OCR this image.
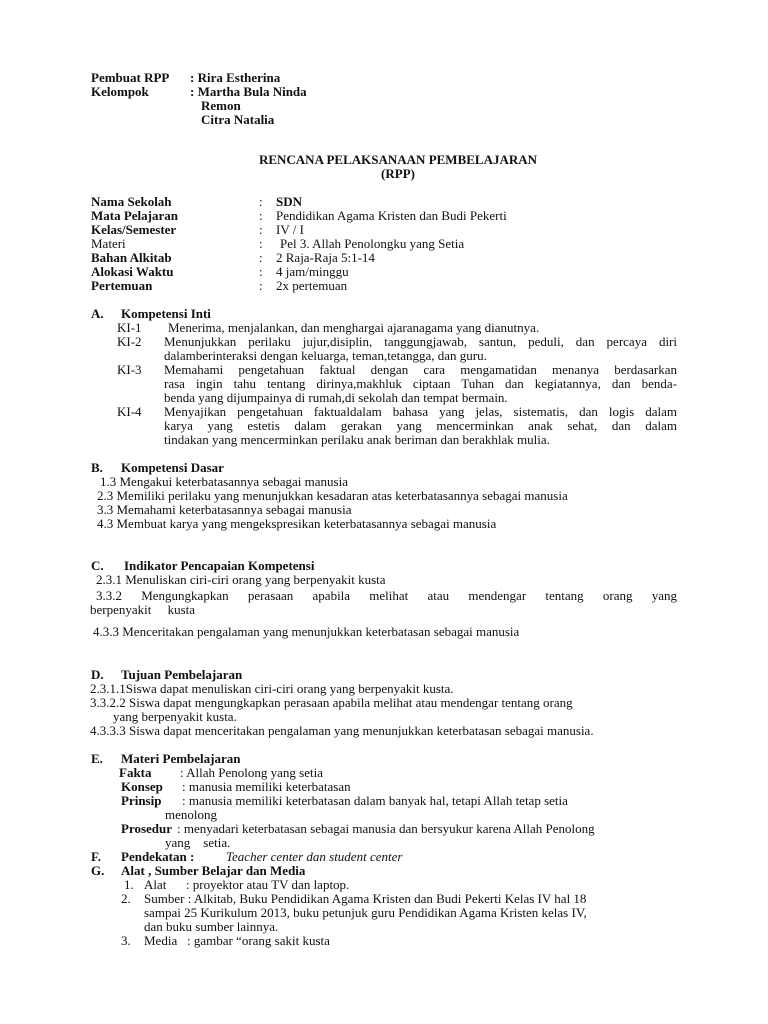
Pembuat RPP : Rira Estherina
Kelompok	: Martha Bula Ninda
Remon
Citra Natalia
RENCANA PELAKSANAAN PEMBELAJARAN
(RPP)
Nama Sekolah	: SDN
Mata Pelajaran	: Pendidikan Agama Kristen dan Budi Pekerti
Kelas/Semester	: IV / I
Materi	: Pel 3. Allah Penolongku yang Setia
Bahan Alkitab	: 2 Raja-Raja 5:1-14
Alokasi Waktu	: 4 jam/minggu
Pertemuan	: 2x pertemuan
A. Kompetensi Inti
KI-1 Menerima, menjalankan, dan menghargai ajaranagama yang dianutnya.
KI-2 Menunjukkan perilaku jujur,disiplin, tanggungjawab, santun, peduli, dan percaya diri
dalamberinteraksi dengan keluarga, teman,tetangga, dan guru.
KI-3 Memahami pengetahuan faktual dengan cara mengamatidan menanya berdasarkan
rasa ingin tahu tentang dirinya,makhluk ciptaan Tuhan dan kegiatannya, dan benda-
benda yang dijumpainya di rumah,di sekolah dan tempat bermain.
KI-4 Menyajikan pengetahuan faktualdalam bahasa yang jelas, sistematis, dan logis dalam
karya yang estetis dalam gerakan yang mencerminkan anak sehat, dan dalam
tindakan yang mencerminkan perilaku anak beriman dan berakhlak mulia.
B. Kompetensi Dasar
1.3 Mengakui keterbatasannya sebagai manusia
2.3 Memiliki perilaku yang menunjukkan kesadaran atas keterbatasannya sebagai manusia
3.3 Memahami keterbatasannya sebagai manusia
4.3 Membuat karya yang mengekspresikan keterbatasannya sebagai manusia
C. Indikator Pencapaian Kompetensi
2.3.1 Menuliskan ciri-ciri orang yang berpenyakit kusta
3.3.2 Mengungkapkan perasaan apabila melihat atau mendengar tentang orang yang
berpenyakit     kusta
4.3.3 Menceritakan pengalaman yang menunjukkan keterbatasan sebagai manusia
D. Tujuan Pembelajaran
2.3.1.1Siswa dapat menuliskan ciri-ciri orang yang berpenyakit kusta.
3.3.2.2 Siswa dapat mengungkapkan perasaan apabila melihat atau mendengar tentang orang
yang berpenyakit kusta.
4.3.3.3 Siswa dapat menceritakan pengalaman yang menunjukkan keterbatasan sebagai manusia.
E. Materi Pembelajaran
Fakta : Allah Penolong yang setia
Konsep : manusia memiliki keterbatasan
Prinsip : manusia memiliki keterbatasan dalam banyak hal, tetapi Allah tetap setia
menolong
Prosedur : menyadari keterbatasan sebagai manusia dan bersyukur karena Allah Penolong
yang    setia.
F. Pendekatan : Teacher center dan student center
G. Alat , Sumber Belajar dan Media
1. Alat      : proyektor atau TV dan laptop.
2. Sumber : Alkitab, Buku Pendidikan Agama Kristen dan Budi Pekerti Kelas IV hal 18
sampai 25 Kurikulum 2013, buku petunjuk guru Pendidikan Agama Kristen kelas IV,
dan buku sumber lainnya.
3. Media   : gambar “orang sakit kusta
